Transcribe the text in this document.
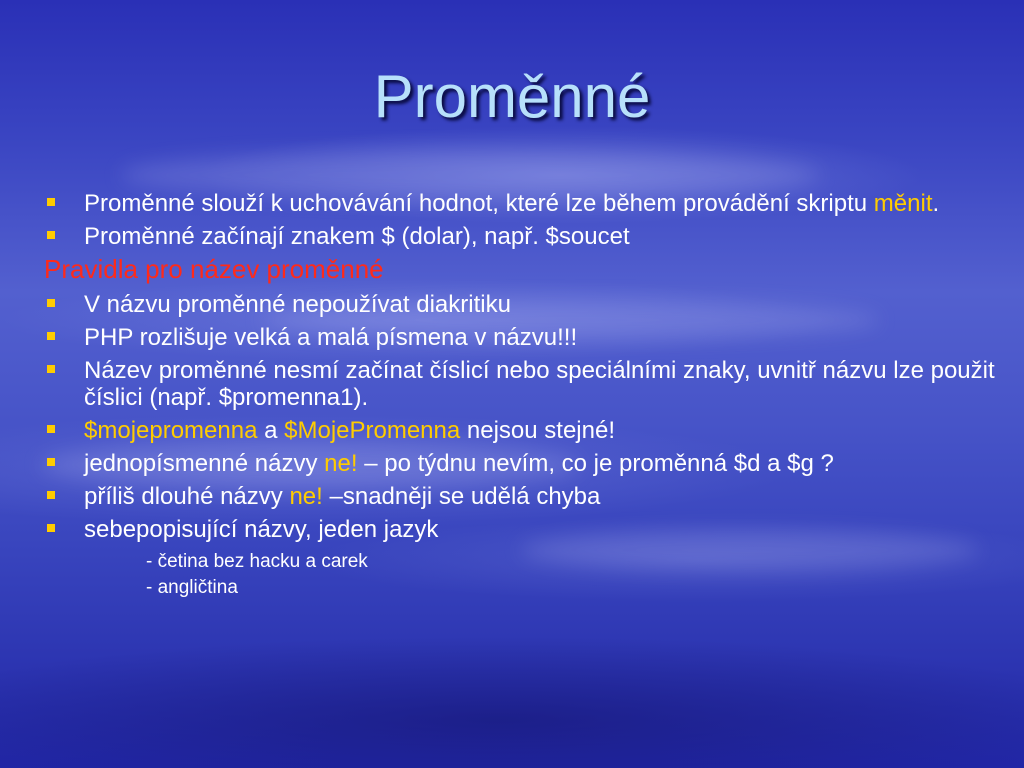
Proměnné
Proměnné slouží k uchovávání hodnot, které lze během provádění skriptu měnit.
Proměnné začínají znakem $ (dolar), např. $soucet
Pravidla pro název proměnné
V názvu proměnné nepoužívat diakritiku
PHP rozlišuje velká a malá písmena v názvu!!!
Název proměnné nesmí začínat číslicí nebo speciálními znaky, uvnitř názvu lze použit číslici (např. $promenna1).
$mojepromenna a $MojePromenna nejsou stejné!
jednopísmenné názvy ne! – po týdnu nevím, co je proměnná $d a $g ?
příliš dlouhé názvy ne! –snadněji se udělá chyba
sebepopisující názvy, jeden jazyk
- četina bez hacku a carek
- angličtina
